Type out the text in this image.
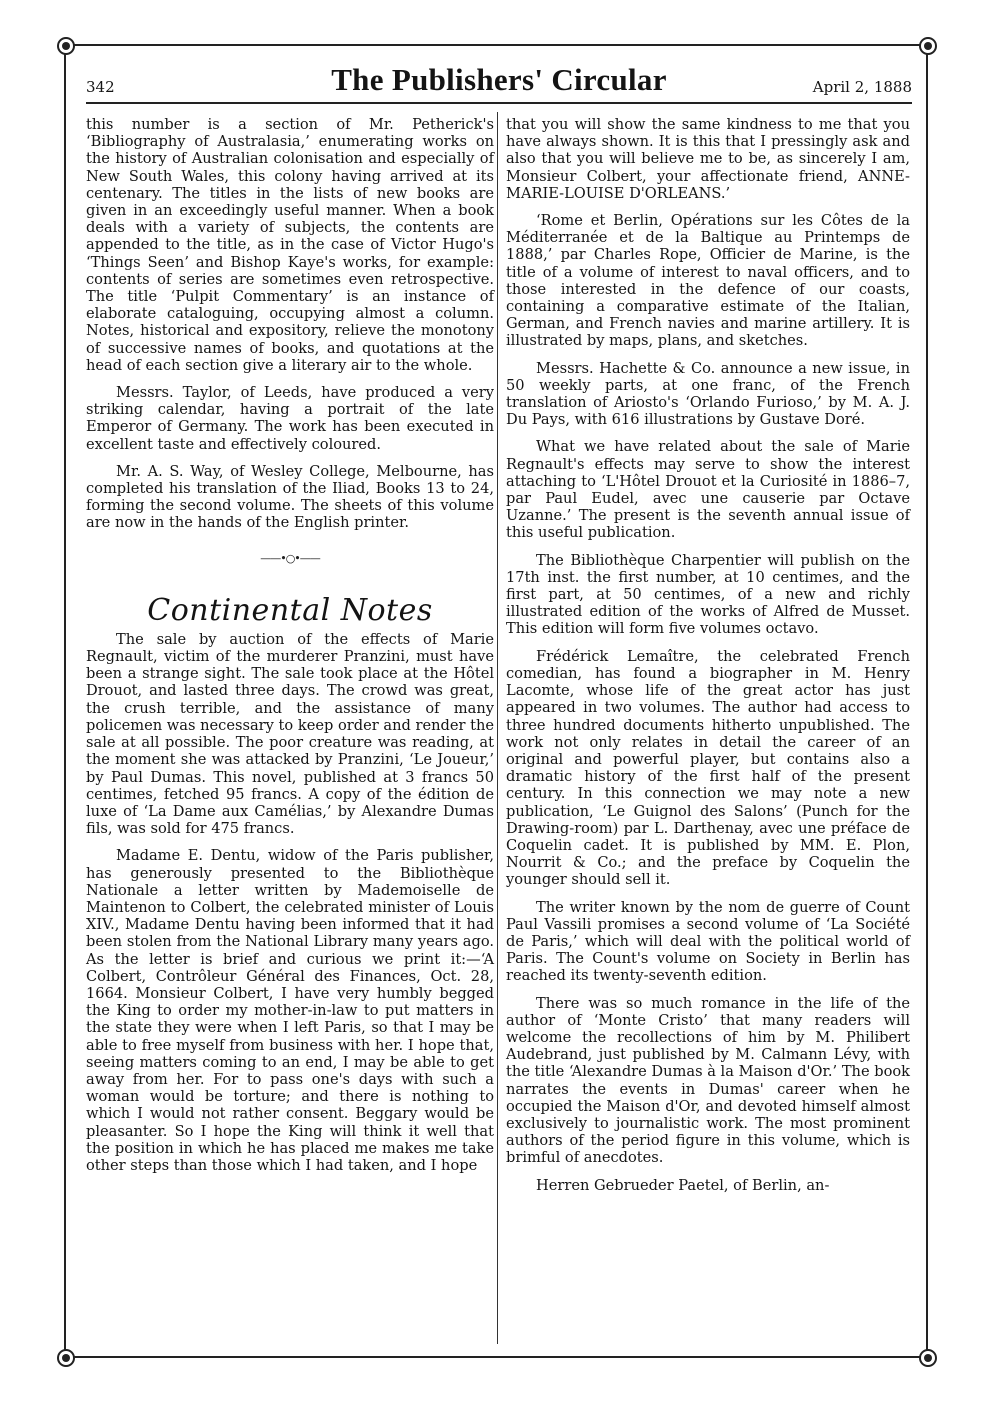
342	The Publishers' Circular	April 2, 1888

this number is a section of Mr. Petherick's ‘Bibliography of Australasia,’ enumerating works on the history of Australian colonisation and especially of New South Wales, this colony having arrived at its centenary. The titles in the lists of new books are given in an exceedingly useful manner. When a book deals with a variety of subjects, the contents are appended to the title, as in the case of Victor Hugo's ‘Things Seen’ and Bishop Kaye's works, for example: contents of series are sometimes even retrospective. The title ‘Pulpit Commentary’ is an instance of elaborate cataloguing, occupying almost a column. Notes, historical and expository, relieve the monotony of successive names of books, and quotations at the head of each section give a literary air to the whole.

Messrs. Taylor, of Leeds, have produced a very striking calendar, having a portrait of the late Emperor of Germany. The work has been executed in excellent taste and effectively coloured.

Mr. A. S. Way, of Wesley College, Melbourne, has completed his translation of the Iliad, Books 13 to 24, forming the second volume. The sheets of this volume are now in the hands of the English printer.

——•○•——
Continental Notes

The sale by auction of the effects of Marie Regnault, victim of the murderer Pranzini, must have been a strange sight. The sale took place at the Hôtel Drouot, and lasted three days. The crowd was great, the crush terrible, and the assistance of many policemen was necessary to keep order and render the sale at all possible. The poor creature was reading, at the moment she was attacked by Pranzini, ‘Le Joueur,’ by Paul Dumas. This novel, published at 3 francs 50 centimes, fetched 95 francs. A copy of the édition de luxe of ‘La Dame aux Camélias,’ by Alexandre Dumas fils, was sold for 475 francs.

Madame E. Dentu, widow of the Paris publisher, has generously presented to the Bibliothèque Nationale a letter written by Mademoiselle de Maintenon to Colbert, the celebrated minister of Louis XIV., Madame Dentu having been informed that it had been stolen from the National Library many years ago. As the letter is brief and curious we print it:—‘A Colbert, Contrôleur Général des Finances, Oct. 28, 1664. Monsieur Colbert, I have very humbly begged the King to order my mother-in-law to put matters in the state they were when I left Paris, so that I may be able to free myself from business with her. I hope that, seeing matters coming to an end, I may be able to get away from her. For to pass one's days with such a woman would be torture; and there is nothing to which I would not rather consent. Beggary would be pleasanter. So I hope the King will think it well that the position in which he has placed me makes me take other steps than those which I had taken, and I hope

that you will show the same kindness to me that you have always shown. It is this that I pressingly ask and also that you will believe me to be, as sincerely I am, Monsieur Colbert, your affectionate friend, ANNE-MARIE-LOUISE D'ORLEANS.’

‘Rome et Berlin, Opérations sur les Côtes de la Méditerranée et de la Baltique au Printemps de 1888,’ par Charles Rope, Officier de Marine, is the title of a volume of interest to naval officers, and to those interested in the defence of our coasts, containing a comparative estimate of the Italian, German, and French navies and marine artillery. It is illustrated by maps, plans, and sketches.

Messrs. Hachette & Co. announce a new issue, in 50 weekly parts, at one franc, of the French translation of Ariosto's ‘Orlando Furioso,’ by M. A. J. Du Pays, with 616 illustrations by Gustave Doré.

What we have related about the sale of Marie Regnault's effects may serve to show the interest attaching to ‘L'Hôtel Drouot et la Curiosité in 1886–7, par Paul Eudel, avec une causerie par Octave Uzanne.’ The present is the seventh annual issue of this useful publication.

The Bibliothèque Charpentier will publish on the 17th inst. the first number, at 10 centimes, and the first part, at 50 centimes, of a new and richly illustrated edition of the works of Alfred de Musset. This edition will form five volumes octavo.

Frédérick Lemaître, the celebrated French comedian, has found a biographer in M. Henry Lacomte, whose life of the great actor has just appeared in two volumes. The author had access to three hundred documents hitherto unpublished. The work not only relates in detail the career of an original and powerful player, but contains also a dramatic history of the first half of the present century. In this connection we may note a new publication, ‘Le Guignol des Salons’ (Punch for the Drawing-room) par L. Darthenay, avec une préface de Coquelin cadet. It is published by MM. E. Plon, Nourrit & Co.; and the preface by Coquelin the younger should sell it.

The writer known by the nom de guerre of Count Paul Vassili promises a second volume of ‘La Société de Paris,’ which will deal with the political world of Paris. The Count's volume on Society in Berlin has reached its twenty-seventh edition.

There was so much romance in the life of the author of ‘Monte Cristo’ that many readers will welcome the recollections of him by M. Philibert Audebrand, just published by M. Calmann Lévy, with the title ‘Alexandre Dumas à la Maison d'Or.’ The book narrates the events in Dumas' career when he occupied the Maison d'Or, and devoted himself almost exclusively to journalistic work. The most prominent authors of the period figure in this volume, which is brimful of anecdotes.

Herren Gebrueder Paetel, of Berlin, an-
